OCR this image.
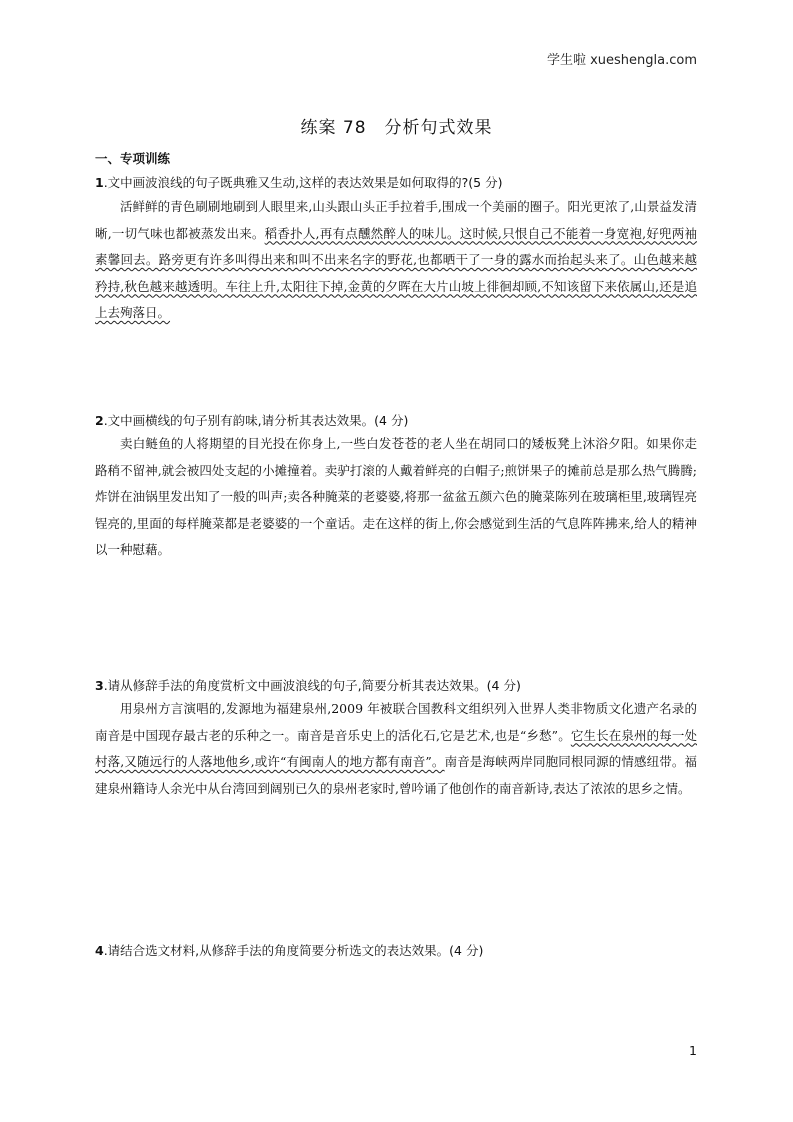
学生啦 xueshengla.com
练案 78　分析句式效果
一、专项训练
1.文中画波浪线的句子既典雅又生动,这样的表达效果是如何取得的?(5 分)
活鲜鲜的青色刷刷地刷到人眼里来,山头跟山头正手拉着手,围成一个美丽的圈子。阳光更浓了,山景益发清晰,一切气味也都被蒸发出来。稻香扑人,再有点醺然醉人的味儿。这时候,只恨自己不能着一身宽袍,好兜两袖素馨回去。路旁更有许多叫得出来和叫不出来名字的野花,也都晒干了一身的露水而抬起头来了。山色越来越矜持,秋色越来越透明。车往上升,太阳往下掉,金黄的夕晖在大片山坡上徘徊却顾,不知该留下来依属山,还是追上去殉落日。
2.文中画横线的句子别有韵味,请分析其表达效果。(4 分)
卖白鲢鱼的人将期望的目光投在你身上,一些白发苍苍的老人坐在胡同口的矮板凳上沐浴夕阳。如果你走路稍不留神,就会被四处支起的小摊撞着。卖驴打滚的人戴着鲜亮的白帽子;煎饼果子的摊前总是那么热气腾腾;炸饼在油锅里发出知了一般的叫声;卖各种腌菜的老婆婆,将那一盆盆五颜六色的腌菜陈列在玻璃柜里,玻璃锃亮锃亮的,里面的每样腌菜都是老婆婆的一个童话。走在这样的街上,你会感觉到生活的气息阵阵拂来,给人的精神以一种慰藉。
3.请从修辞手法的角度赏析文中画波浪线的句子,简要分析其表达效果。(4 分)
用泉州方言演唱的,发源地为福建泉州,2009 年被联合国教科文组织列入世界人类非物质文化遗产名录的南音是中国现存最古老的乐种之一。南音是音乐史上的活化石,它是艺术,也是“乡愁”。它生长在泉州的每一处村落,又随远行的人落地他乡,或许“有闽南人的地方都有南音”。南音是海峡两岸同胞同根同源的情感纽带。福建泉州籍诗人余光中从台湾回到阔别已久的泉州老家时,曾吟诵了他创作的南音新诗,表达了浓浓的思乡之情。
4.请结合选文材料,从修辞手法的角度简要分析选文的表达效果。(4 分)
1
